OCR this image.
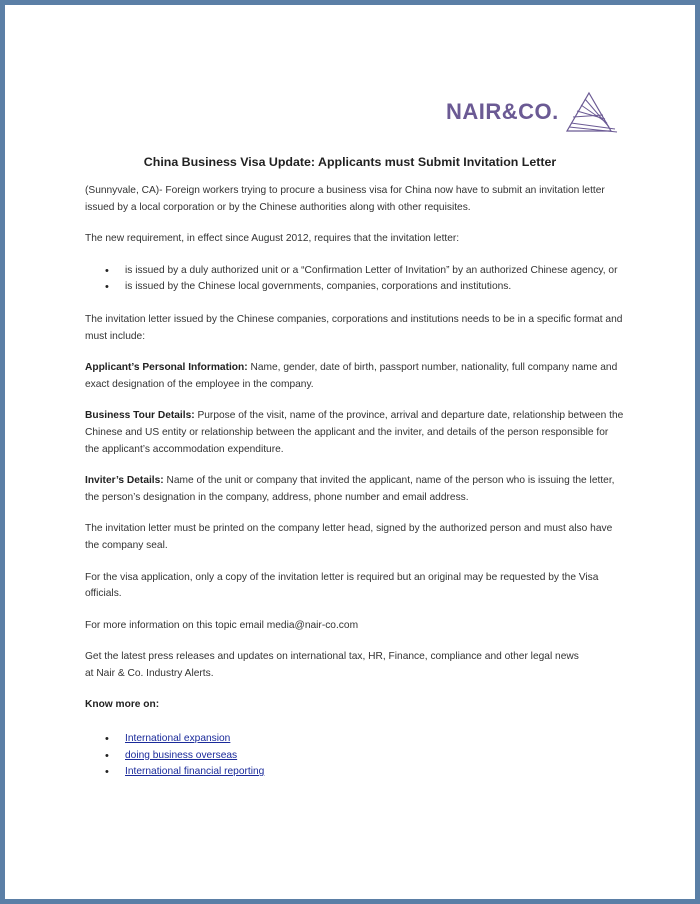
NAIR&CO.
China Business Visa Update: Applicants must Submit Invitation Letter

(Sunnyvale, CA)- Foreign workers trying to procure a business visa for China now have to submit an invitation letter issued by a local corporation or by the Chinese authorities along with other requisites.

The new requirement, in effect since August 2012, requires that the invitation letter:

• is issued by a duly authorized unit or a “Confirmation Letter of Invitation” by an authorized Chinese agency, or
• is issued by the Chinese local governments, companies, corporations and institutions.

The invitation letter issued by the Chinese companies, corporations and institutions needs to be in a specific format and must include:

Applicant’s Personal Information: Name, gender, date of birth, passport number, nationality, full company name and exact designation of the employee in the company.

Business Tour Details: Purpose of the visit, name of the province, arrival and departure date, relationship between the Chinese and US entity or relationship between the applicant and the inviter, and details of the person responsible for the applicant’s accommodation expenditure.

Inviter’s Details: Name of the unit or company that invited the applicant, name of the person who is issuing the letter, the person’s designation in the company, address, phone number and email address.

The invitation letter must be printed on the company letter head, signed by the authorized person and must also have the company seal.

For the visa application, only a copy of the invitation letter is required but an original may be requested by the Visa officials.

For more information on this topic email media@nair-co.com

Get the latest press releases and updates on international tax, HR, Finance, compliance and other legal news
at Nair & Co. Industry Alerts.

Know more on:

• International expansion
• doing business overseas
• International financial reporting
